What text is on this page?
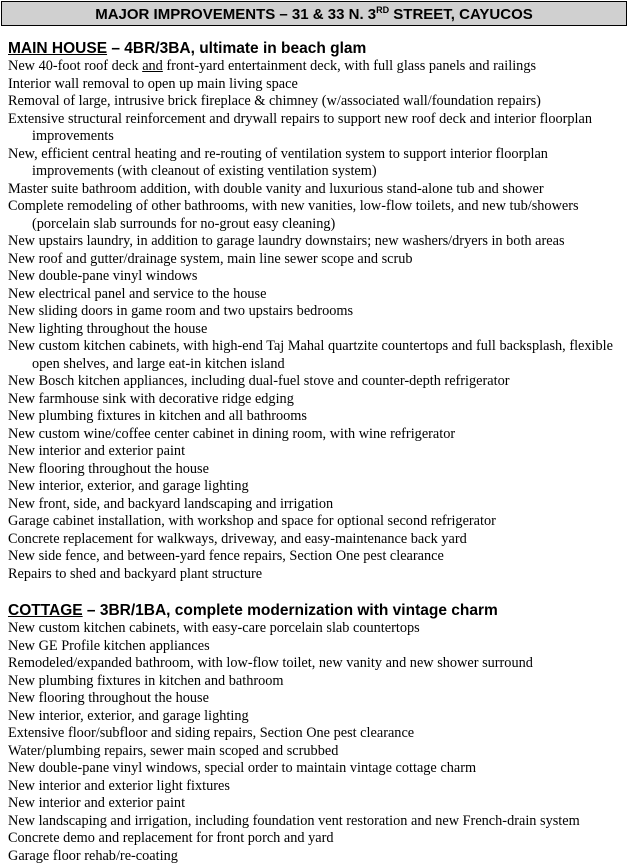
MAJOR IMPROVEMENTS – 31 & 33 N. 3RD STREET, CAYUCOS
MAIN HOUSE – 4BR/3BA, ultimate in beach glam
New 40-foot roof deck and front-yard entertainment deck, with full glass panels and railings
Interior wall removal to open up main living space
Removal of large, intrusive brick fireplace & chimney (w/associated wall/foundation repairs)
Extensive structural reinforcement and drywall repairs to support new roof deck and interior floorplan improvements
New, efficient central heating and re-routing of ventilation system to support interior floorplan improvements (with cleanout of existing ventilation system)
Master suite bathroom addition, with double vanity and luxurious stand-alone tub and shower
Complete remodeling of other bathrooms, with new vanities, low-flow toilets, and new tub/showers (porcelain slab surrounds for no-grout easy cleaning)
New upstairs laundry, in addition to garage laundry downstairs; new washers/dryers in both areas
New roof and gutter/drainage system, main line sewer scope and scrub
New double-pane vinyl windows
New electrical panel and service to the house
New sliding doors in game room and two upstairs bedrooms
New lighting throughout the house
New custom kitchen cabinets, with high-end Taj Mahal quartzite countertops and full backsplash, flexible open shelves, and large eat-in kitchen island
New Bosch kitchen appliances, including dual-fuel stove and counter-depth refrigerator
New farmhouse sink with decorative ridge edging
New plumbing fixtures in kitchen and all bathrooms
New custom wine/coffee center cabinet in dining room, with wine refrigerator
New interior and exterior paint
New flooring throughout the house
New interior, exterior, and garage lighting
New front, side, and backyard landscaping and irrigation
Garage cabinet installation, with workshop and space for optional second refrigerator
Concrete replacement for walkways, driveway, and easy-maintenance back yard
New side fence, and between-yard fence repairs, Section One pest clearance
Repairs to shed and backyard plant structure
COTTAGE – 3BR/1BA, complete modernization with vintage charm
New custom kitchen cabinets, with easy-care porcelain slab countertops
New GE Profile kitchen appliances
Remodeled/expanded bathroom, with low-flow toilet, new vanity and new shower surround
New plumbing fixtures in kitchen and bathroom
New flooring throughout the house
New interior, exterior, and garage lighting
Extensive floor/subfloor and siding repairs, Section One pest clearance
Water/plumbing repairs, sewer main scoped and scrubbed
New double-pane vinyl windows, special order to maintain vintage cottage charm
New interior and exterior light fixtures
New interior and exterior paint
New landscaping and irrigation, including foundation vent restoration and new French-drain system
Concrete demo and replacement for front porch and yard
Garage floor rehab/re-coating
